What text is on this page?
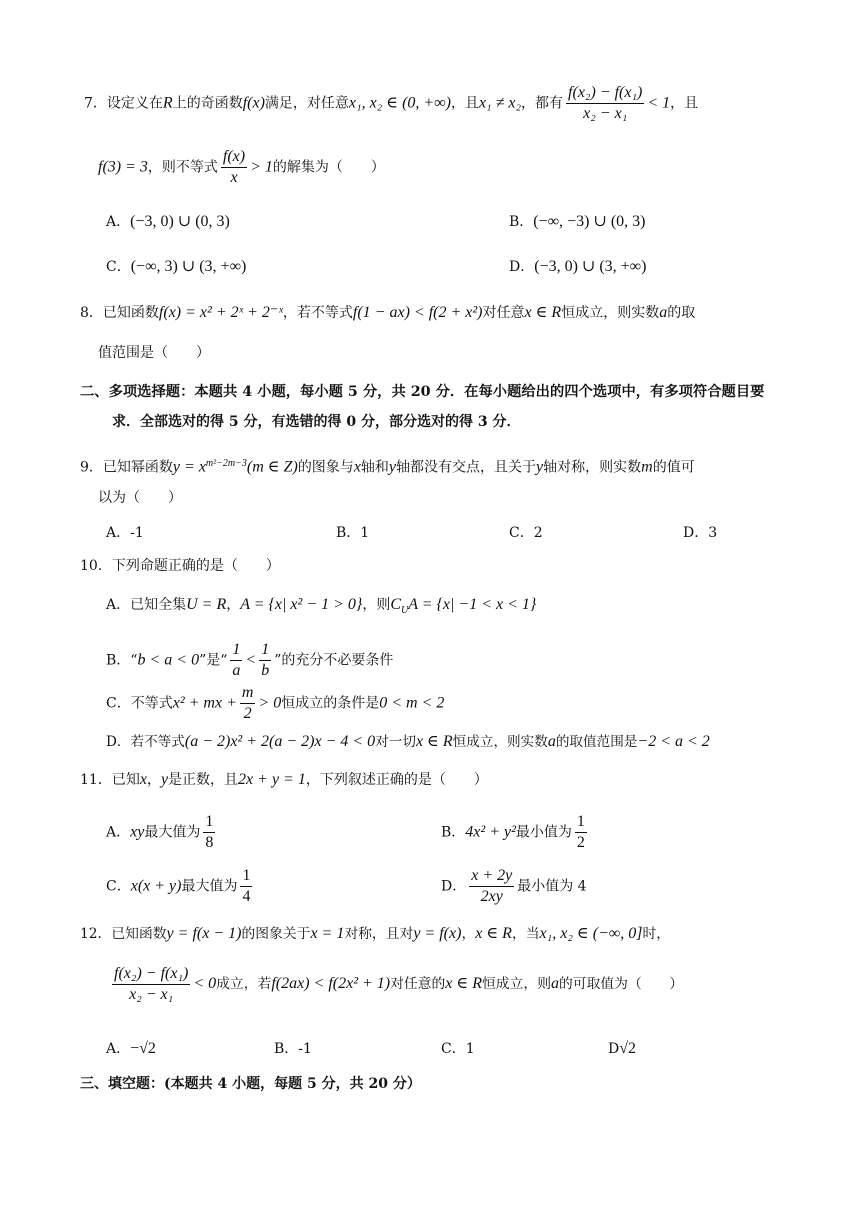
7．设定义在R上的奇函数f(x)满足，对任意x₁, x₂ ∈ (0, +∞)，且x₁ ≠ x₂，都有 $\frac{\text{f(x₂) − f(x₁)}}{\text{x₂ − x₁}} < 1$，且
f(3) = 3，则不等式 $\frac{f(x)}{x} > 1$的解集为（　　）
A．(−3, 0) ∪ (0, 3)	B．(−∞, −3) ∪ (0, 3)
C．(−∞, 3) ∪ (3, +∞)	D．(−3, 0) ∪ (3, +∞)
8．已知函数f(x) = x² + 2ˣ + 2⁻ˣ，若不等式f(1 − ax) < f(2 + x²)对任意x ∈ R恒成立，则实数a的取
值范围是（　　）
二、多项选择题：本题共 4 小题，每小题 5 分，共 20 分．在每小题给出的四个选项中，有多项符合题目要
求．全部选对的得 5 分，有选错的得 0 分，部分选对的得 3 分．
9．已知幂函数$y = x^{m^2-2m-3}(m$ ∈ Z)的图象与x轴和y轴都没有交点，且关于y轴对称，则实数m的值可
以为（　　）
A．-1	B．1	C．2	D．3
10．下列命题正确的是（　　）
A．已知全集U = R，A = {x| x² − 1 > 0}，则$C_UA = \{x| -1 < x < 1\}$
B．“b < a < 0”是“ $\frac{1}{a} < \frac{1}{b}$ ”的充分不必要条件
C．不等式x² + mx + $\frac{m}{2} > 0$恒成立的条件是0 < m < 2
D．若不等式(a − 2)x² + 2(a − 2)x − 4 < 0对一切x ∈ R恒成立，则实数a的取值范围是−2 < a < 2
11．已知x，y是正数，且2x + y = 1，下列叙述正确的是（　　）
A．xy最大值为 $\frac{1}{8}$	B．4x² + y²最小值为 $\frac{1}{2}$
C．x(x + y)最大值为 $\frac{1}{4}$	D． $\frac{x + 2y}{2xy}$ 最小值为 4
12．已知函数y = f(x − 1)的图象关于x = 1对称，且对y = f(x)，x ∈ R，当x₁, x₂ ∈ (−∞, 0]时，
$\frac{\text{f(x₂) − f(x₁)}}{\text{x₂ − x₁}} < 0$成立，若f(2ax) < f(2x² + 1)对任意的x ∈ R恒成立，则a的可取值为（　　）
A．−√2	B．-1	C．1	D√2
三、填空题：(本题共 4 小题，每题 5 分，共 20 分）
